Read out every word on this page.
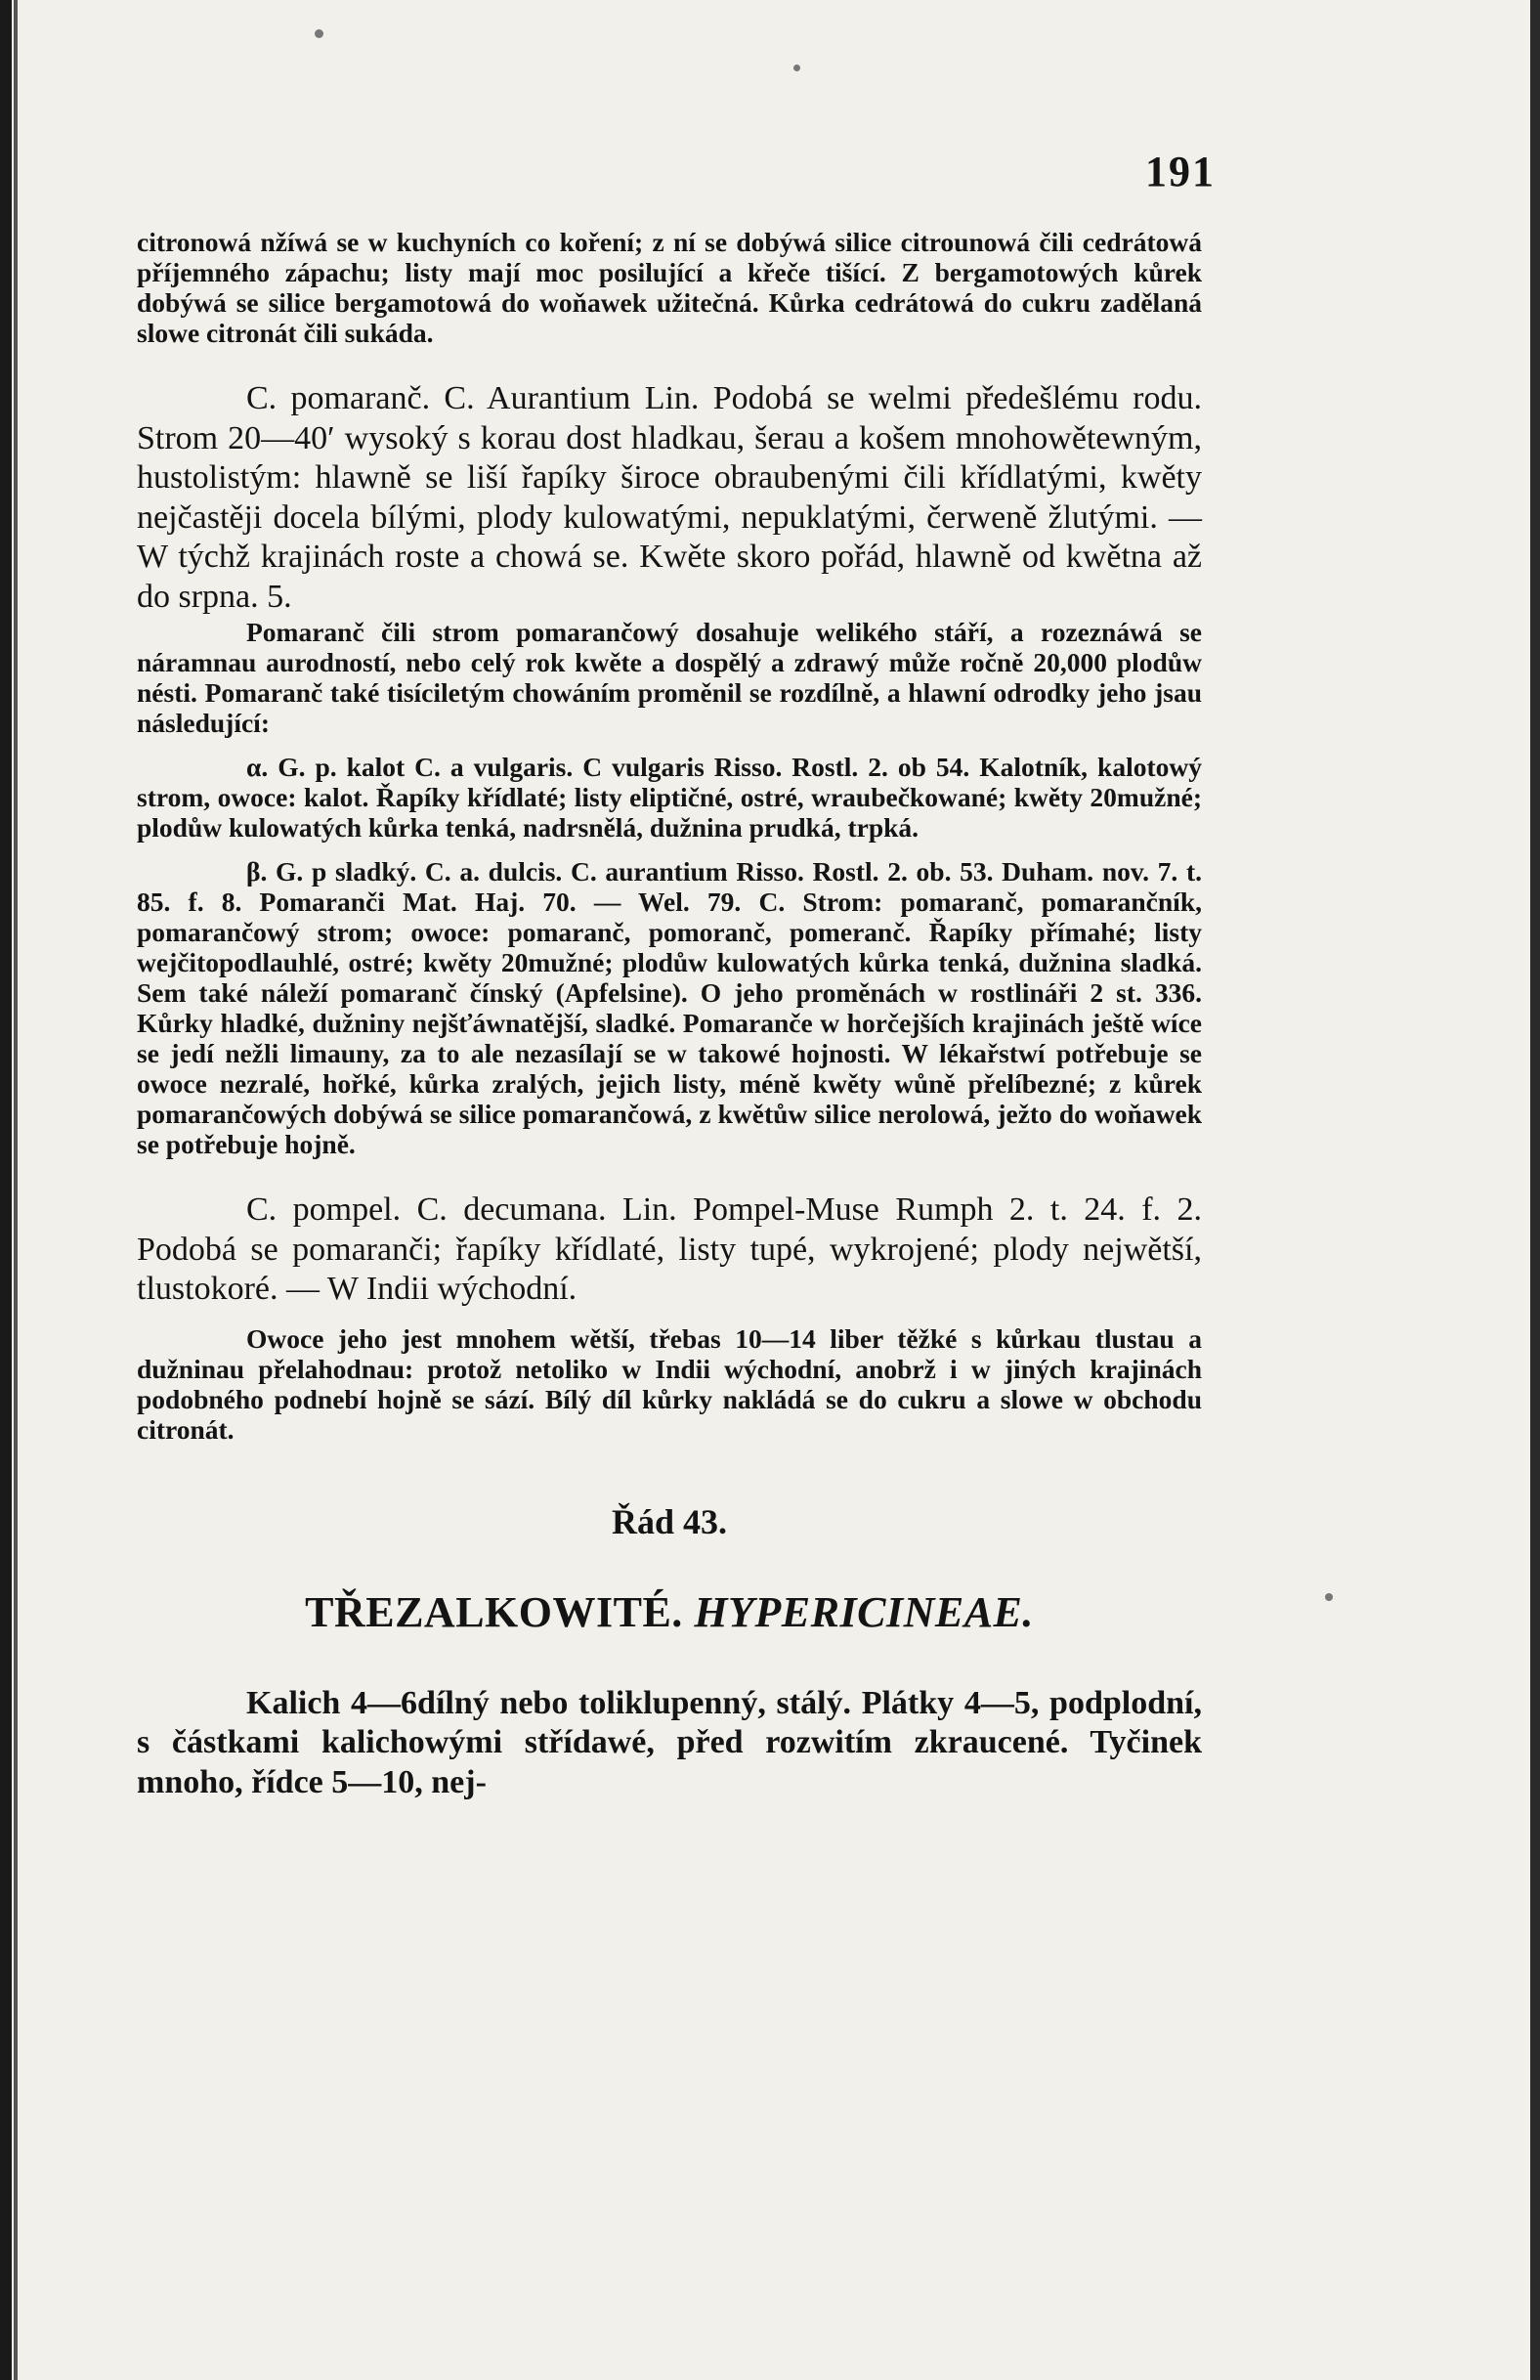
191

citronowá nžíwá se w kuchyních co koření; z ní se dobýwá silice citrounowá čili cedrátowá příjemného zápachu; listy mají moc posilující a křeče tišící. Z bergamotowých kůrek dobýwá se silice bergamotowá do woňawek užitečná. Kůrka cedrátowá do cukru zadělaná slowe citronát čili sukáda.

C. pomaranč. C. Aurantium Lin. Podobá se welmi předešlému rodu. Strom 20—40′ wysoký s korau dost hladkau, šerau a košem mnohowětewným, hustolistým: hlawně se liší řapíky široce obraubenými čili křídlatými, kwěty nejčastěji docela bílými, plody kulowatými, nepuklatými, čerweně žlutými. — W týchž krajinách roste a chowá se. Kwěte skoro pořád, hlawně od kwětna až do srpna. 5.

Pomaranč čili strom pomarančowý dosahuje welikého stáří, a rozeznáwá se náramnau aurodností, nebo celý rok kwěte a dospělý a zdrawý může ročně 20,000 plodůw nésti. Pomaranč také tisíciletým chowáním proměnil se rozdílně, a hlawní odrodky jeho jsau následující:

α. G. p. kalot C. a vulgaris. C vulgaris Risso. Rostl. 2. ob 54. Kalotník, kalotowý strom, owoce: kalot. Řapíky křídlaté; listy eliptičné, ostré, wraubečkowané; kwěty 20mužné; plodůw kulowatých kůrka tenká, nadrsnělá, dužnina prudká, trpká.

β. G. p sladký. C. a. dulcis. C. aurantium Risso. Rostl. 2. ob. 53. Duham. nov. 7. t. 85. f. 8. Pomaranči Mat. Haj. 70. — Wel. 79. C. Strom: pomaranč, pomarančník, pomarančowý strom; owoce: pomaranč, pomoranč, pomeranč. Řapíky přímahé; listy wejčitopodlauhlé, ostré; kwěty 20mužné; plodůw kulowatých kůrka tenká, dužnina sladká. Sem také náleží pomaranč čínský (Apfelsine). O jeho proměnách w rostlináři 2 st. 336. Kůrky hladké, dužniny nejšťáwnatější, sladké. Pomaranče w horčejších krajinách ještě wíce se jedí nežli limauny, za to ale nezasílají se w takowé hojnosti. W lékařstwí potřebuje se owoce nezralé, hořké, kůrka zralých, jejich listy, méně kwěty wůně přelíbezné; z kůrek pomarančowých dobýwá se silice pomarančowá, z kwětůw silice nerolowá, ježto do woňawek se potřebuje hojně.

C. pompel. C. decumana. Lin. Pompel-Muse Rumph 2. t. 24. f. 2. Podobá se pomaranči; řapíky křídlaté, listy tupé, wykrojené; plody nejwětší, tlustokoré. — W Indii wýchodní.

Owoce jeho jest mnohem wětší, třebas 10—14 liber těžké s kůrkau tlustau a dužninau přelahodnau: protož netoliko w Indii wýchodní, anobrž i w jiných krajinách podobného podnebí hojně se sází. Bílý díl kůrky nakládá se do cukru a slowe w obchodu citronát.

Řád 43.

TŘEZALKOWITÉ. HYPERICINEAE.

Kalich 4—6dílný nebo toliklupenný, stálý. Plátky 4—5, podplodní, s částkami kalichowými střídawé, před rozwitím zkraucené. Tyčinek mnoho, řídce 5—10, nej-
